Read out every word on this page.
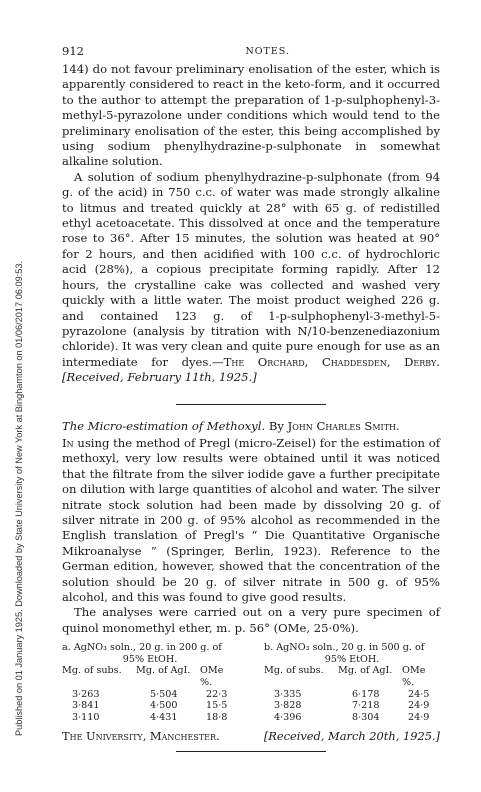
Published on 01 January 1925. Downloaded by State University of New York at Binghamton on 01/06/2017 06:09:53.
912	NOTES.

144) do not favour preliminary enolisation of the ester, which is apparently considered to react in the keto-form, and it occurred to the author to attempt the preparation of 1-p-sulphophenyl-3-methyl-5-pyrazolone under conditions which would tend to the preliminary enolisation of the ester, this being accomplished by using sodium phenylhydrazine-p-sulphonate in somewhat alkaline solution.

A solution of sodium phenylhydrazine-p-sulphonate (from 94 g. of the acid) in 750 c.c. of water was made strongly alkaline to litmus and treated quickly at 28° with 65 g. of redistilled ethyl acetoacetate. This dissolved at once and the temperature rose to 36°. After 15 minutes, the solution was heated at 90° for 2 hours, and then acidified with 100 c.c. of hydrochloric acid (28%), a copious precipitate forming rapidly. After 12 hours, the crystalline cake was collected and washed very quickly with a little water. The moist product weighed 226 g. and contained 123 g. of 1-p-sulphophenyl-3-methyl-5-pyrazolone (analysis by titration with N/10-benzenediazonium chloride). It was very clean and quite pure enough for use as an intermediate for dyes.—The Orchard, Chaddesden, Derby. [Received, February 11th, 1925.]

The Micro-estimation of Methoxyl. By John Charles Smith.

In using the method of Pregl (micro-Zeisel) for the estimation of methoxyl, very low results were obtained until it was noticed that the filtrate from the silver iodide gave a further precipitate on dilution with large quantities of alcohol and water. The silver nitrate stock solution had been made by dissolving 20 g. of silver nitrate in 200 g. of 95% alcohol as recommended in the English translation of Pregl's “ Die Quantitative Organische Mikroanalyse ” (Springer, Berlin, 1923). Reference to the German edition, however, showed that the concentration of the solution should be 20 g. of silver nitrate in 500 g. of 95% alcohol, and this was found to give good results.

The analyses were carried out on a very pure specimen of quinol monomethyl ether, m. p. 56° (OMe, 25·0%).

a. AgNO₃ soln., 20 g. in 200 g. of
95% EtOH.
Mg. of subs.	Mg. of AgI.	OMe %.
3·263	5·504	22·3
3·841	4·500	15·5
3·110	4·431	18·8
b. AgNO₃ soln., 20 g. in 500 g. of
95% EtOH.
Mg. of subs.	Mg. of AgI.	OMe %.
3·335	6·178	24·5
3·828	7·218	24·9
4·396	8·304	24·9
The University, Manchester.	[Received, March 20th, 1925.]
